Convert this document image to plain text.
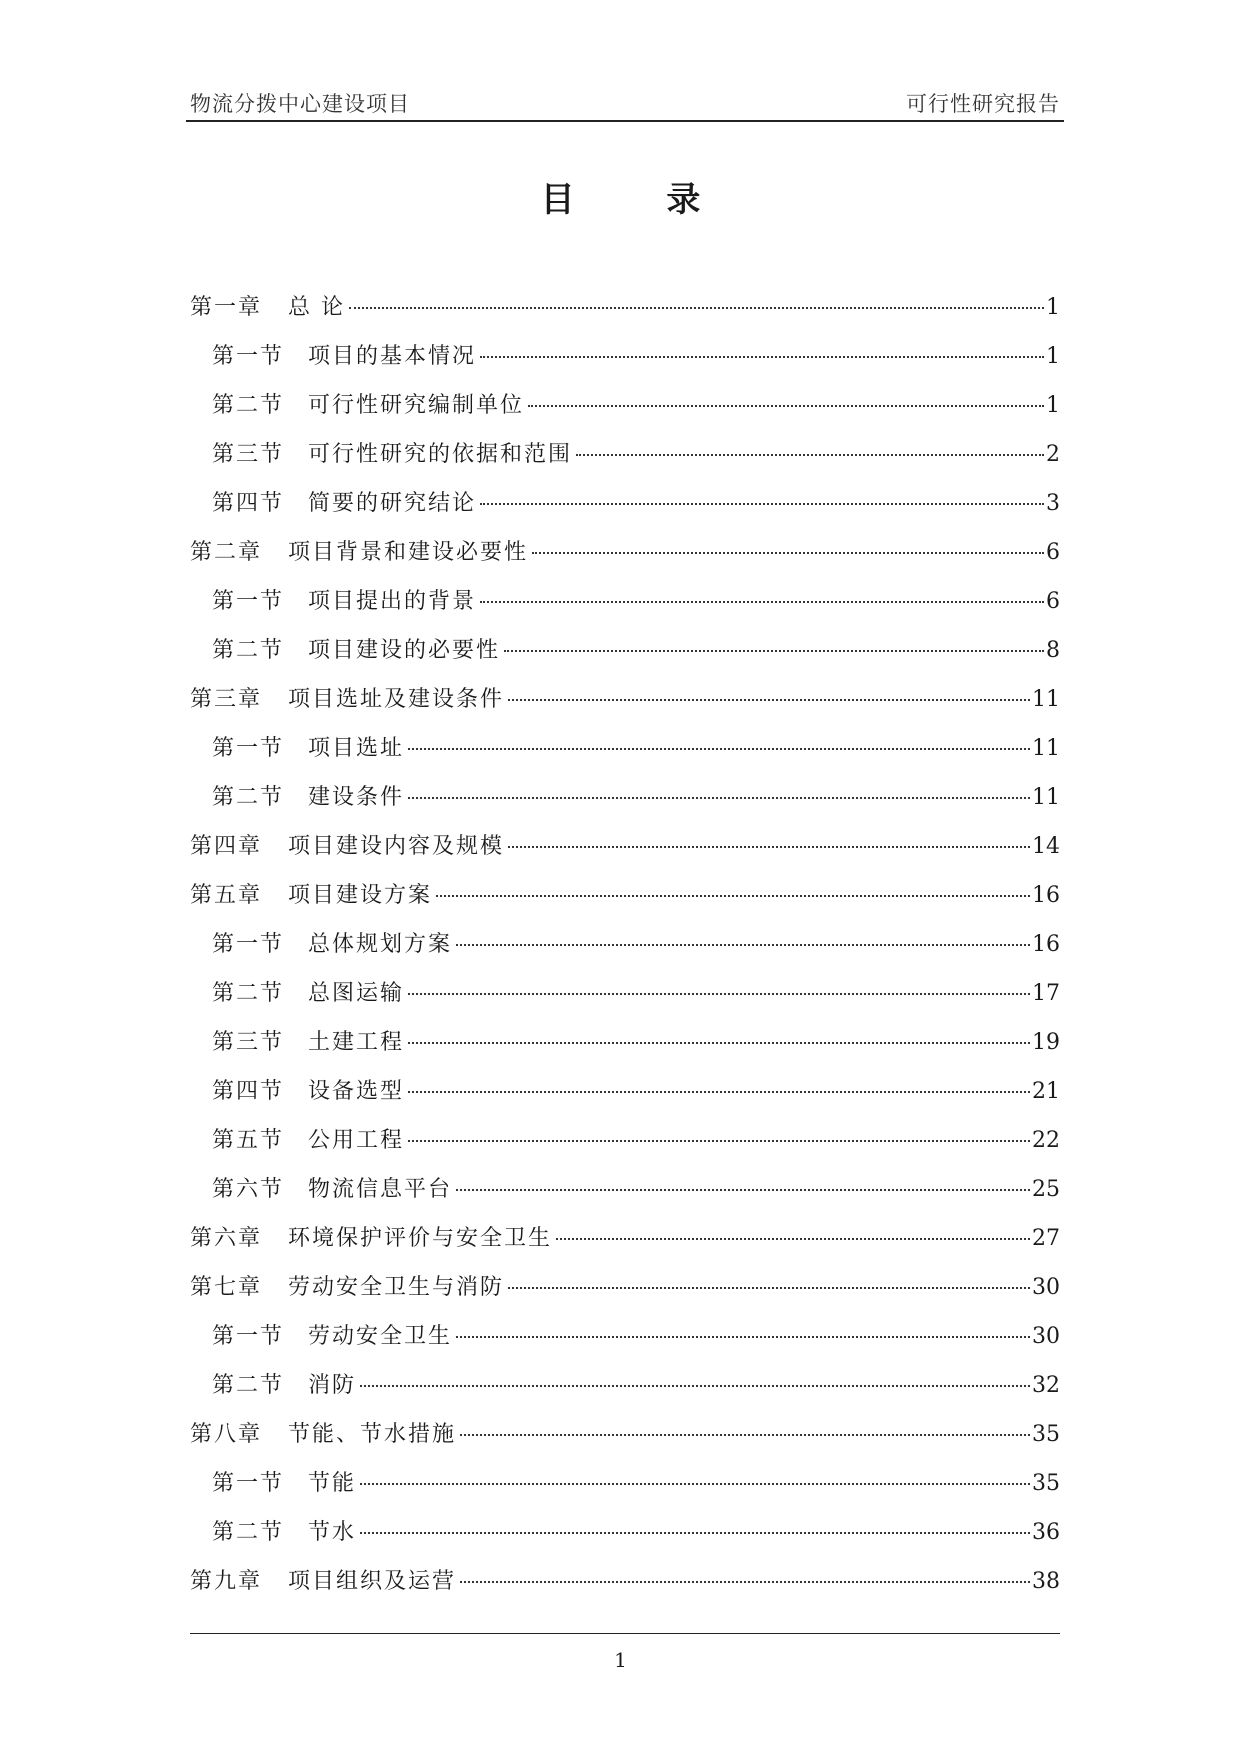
物流分拨中心建设项目	可行性研究报告
目 录
第一章 总 论	1
第一节 项目的基本情况	1
第二节 可行性研究编制单位	1
第三节 可行性研究的依据和范围	2
第四节 简要的研究结论	3
第二章 项目背景和建设必要性	6
第一节 项目提出的背景	6
第二节 项目建设的必要性	8
第三章 项目选址及建设条件	11
第一节 项目选址	11
第二节 建设条件	11
第四章 项目建设内容及规模	14
第五章 项目建设方案	16
第一节 总体规划方案	16
第二节 总图运输	17
第三节 土建工程	19
第四节 设备选型	21
第五节 公用工程	22
第六节 物流信息平台	25
第六章 环境保护评价与安全卫生	27
第七章 劳动安全卫生与消防	30
第一节 劳动安全卫生	30
第二节 消防	32
第八章 节能、节水措施	35
第一节 节能	35
第二节 节水	36
第九章 项目组织及运营	38
1
